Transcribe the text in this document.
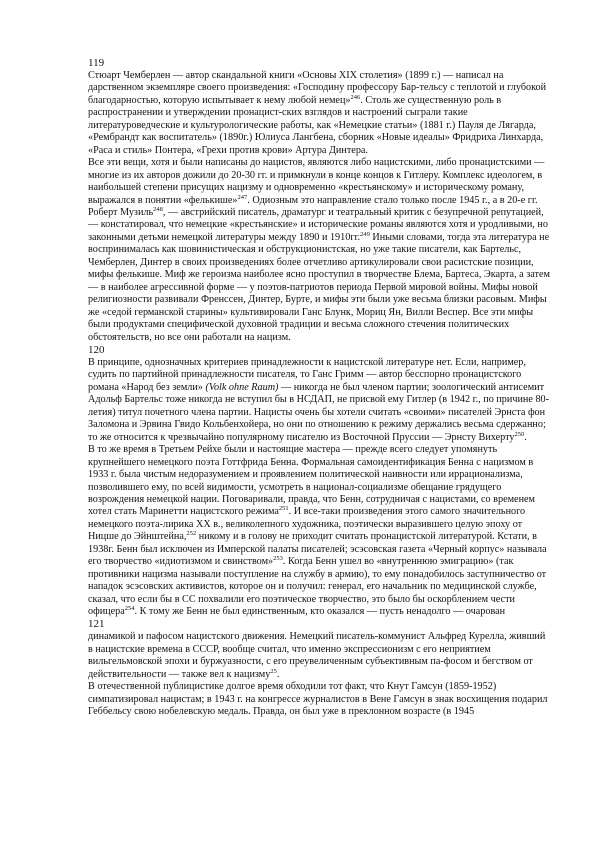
119

Стюарт Чемберлен — автор скандальной книги «Основы XIX столетия» (1899 г.) — написал на дарственном экземпляре своего произведения: «Господину профессору Бар-тельсу с теплотой и глубокой благодарностью, которую испытывает к нему любой немец»$^{246}$. Столь же существенную роль в распространении и утверждении пронацист-ских взглядов и настроений сыграли такие литературоведческие и культурологические работы, как «Немецкие статьи» (1881 г.) Пауля де Лягарда, «Рембрандт как воспитатель» (1890г.) Юлиуса Лангбена, сборник «Новые идеалы» Фридриха Линхарда, «Раса и стиль» Понтера, «Грехи против крови» Артура Динтера.

Все эти вещи, хотя и были написаны до нацистов, являются либо нацистскими, либо пронацистскими — многие из их авторов дожили до 20-30 гг. и примкнули в конце концов к Гитлеру. Комплекс идеологем, в наибольшей степени присущих нацизму и одновременно «крестьянскому» и историческому роману, выражался в понятии «фелькише»$^{247}$. Одиозным это направление стало только после 1945 г., а в 20-е гг. Роберт Музиль$^{248}$, — австрийский писатель, драматург и театральный критик с безупречной репутацией, — констатировал, что немецкие «крестьянские» и исторические романы являются хотя и уродливыми, но законными детьми немецкой литературы между 1890 и 1910гг.$^{249}$ Иными словами, тогда эта литература не воспринималась как шовинистическая и обструкционистская, но уже такие писатели, как Бартельс, Чемберлен, Динтер в своих произведениях более отчетливо артикулировали свои расистские позиции, мифы фелькише. Миф же героизма наиболее ясно проступил в творчестве Блема, Бартеса, Экарта, а затем — в наиболее агрессивной форме — у поэтов-патриотов периода Первой мировой войны. Мифы новой религиозности развивали Френссен, Динтер, Бурте, и мифы эти были уже весьма близки расовым. Мифы же «седой германской старины» культивировали Ганс Блунк, Мориц Ян, Вилли Веспер. Все эти мифы были продуктами специфической духовной традиции и весьма сложного стечения политических обстоятельств, но все они работали на нацизм.

120

В принципе, однозначных критериев принадлежности к нацистской литературе нет. Если, например, судить по партийной принадлежности писателя, то Ганс Гримм — автор бесспорно пронацистского романа «Народ без земли» (Volk ohne Raum) — никогда не был членом партии; зоологический антисемит Адольф Бартельс тоже никогда не вступил бы в НСДАП, не присвой ему Гитлер (в 1942 г., по причине 80-летия) титул почетного члена партии. Нацисты очень бы хотели считать «своими» писателей Эрнста фон Заломона и Эрвина Гвидо Кольбенхойера, но они по отношению к режиму держались весьма сдержанно; то же относится к чрезвычайно популярному писателю из Восточной Пруссии — Эрнсту Вихерту$^{250}$.

В то же время в Третьем Рейхе были и настоящие мастера — прежде всего следует упомянуть крупнейшего немецкого поэта Готтфрида Бенна. Формальная самоидентификация Бенна с нацизмом в 1933 г. была чистым недоразумением и проявлением политической наивности или иррационализма, позволившего ему, по всей видимости, усмотреть в национал-социализме обещание грядущего возрождения немецкой нации. Поговаривали, правда, что Бенн, сотрудничая с нацистами, со временем хотел стать Маринетти нацистского режима$^{251}$. И все-таки произведения этого самого значительного немецкого поэта-лирика XX в., великолепного художника, поэтически выразившего целую эпоху от Ницше до Эйнштейна,$^{252}$ никому и в голову не приходит считать пронацистской литературой. Кстати, в 1938г. Бенн был исключен из Имперской палаты писателей; эсэсовская газета «Черный корпус» называла его творчество «идиотизмом и свинством»$^{253}$. Когда Бенн ушел во «внутреннюю эмиграцию» (так противники нацизма называли поступление на службу в армию), то ему понадобилось заступничество от нападок эсэсовских активистов, которое он и получил: генерал, его начальник по медицинской службе, сказал, что если бы в СС похвалили его поэтическое творчество, это было бы оскорблением чести офицера$^{254}$. К тому же Бенн не был единственным, кто оказался — пусть ненадолго — очарован

121

динамикой и пафосом нацистского движения. Немецкий писатель-коммунист Альфред Курелла, живший в нацистские времена в СССР, вообще считал, что именно экспрессионизм с его неприятием вильгельмовской эпохи и буржуазности, с его преувеличенным субъективным па-фосом и бегством от действительности — также вел к нацизму$^{25}$.

В отечественной публицистике долгое время обходили тот факт, что Кнут Гамсун (1859-1952) симпатизировал нацистам; в 1943 г. на конгрессе журналистов в Вене Гамсун в знак восхищения подарил Геббельсу свою нобелевскую медаль. Правда, он был уже в преклонном возрасте (в 1945
